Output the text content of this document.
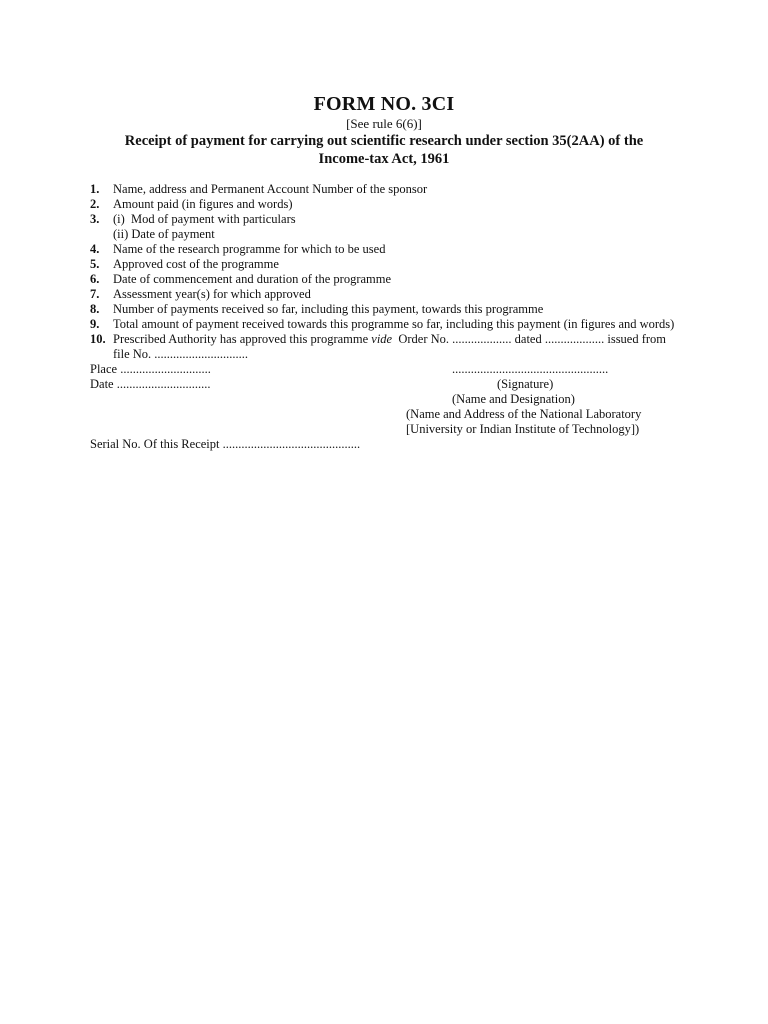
FORM NO. 3CI
[See rule 6(6)]
Receipt of payment for carrying out scientific research under section 35(2AA) of the
Income-tax Act, 1961
1.	Name, address and Permanent Account Number of the sponsor
2.	Amount paid (in figures and words)
3.	(i)  Mod of payment with particulars
(ii) Date of payment
4.	Name of the research programme for which to be used
5.	Approved cost of the programme
6.	Date of commencement and duration of the programme
7.	Assessment year(s) for which approved
8.	Number of payments received so far, including this payment, towards this programme
9.	Total amount of payment received towards this programme so far, including this payment (in figures and words)
10. Prescribed Authority has approved this programme vide  Order No. ................... dated ................... issued from
file No. ..............................
Place .............................
Date ..............................
..................................................
(Signature)
(Name and Designation)
(Name and Address of the National Laboratory
[University or Indian Institute of Technology])
Serial No. Of this Receipt ............................................
